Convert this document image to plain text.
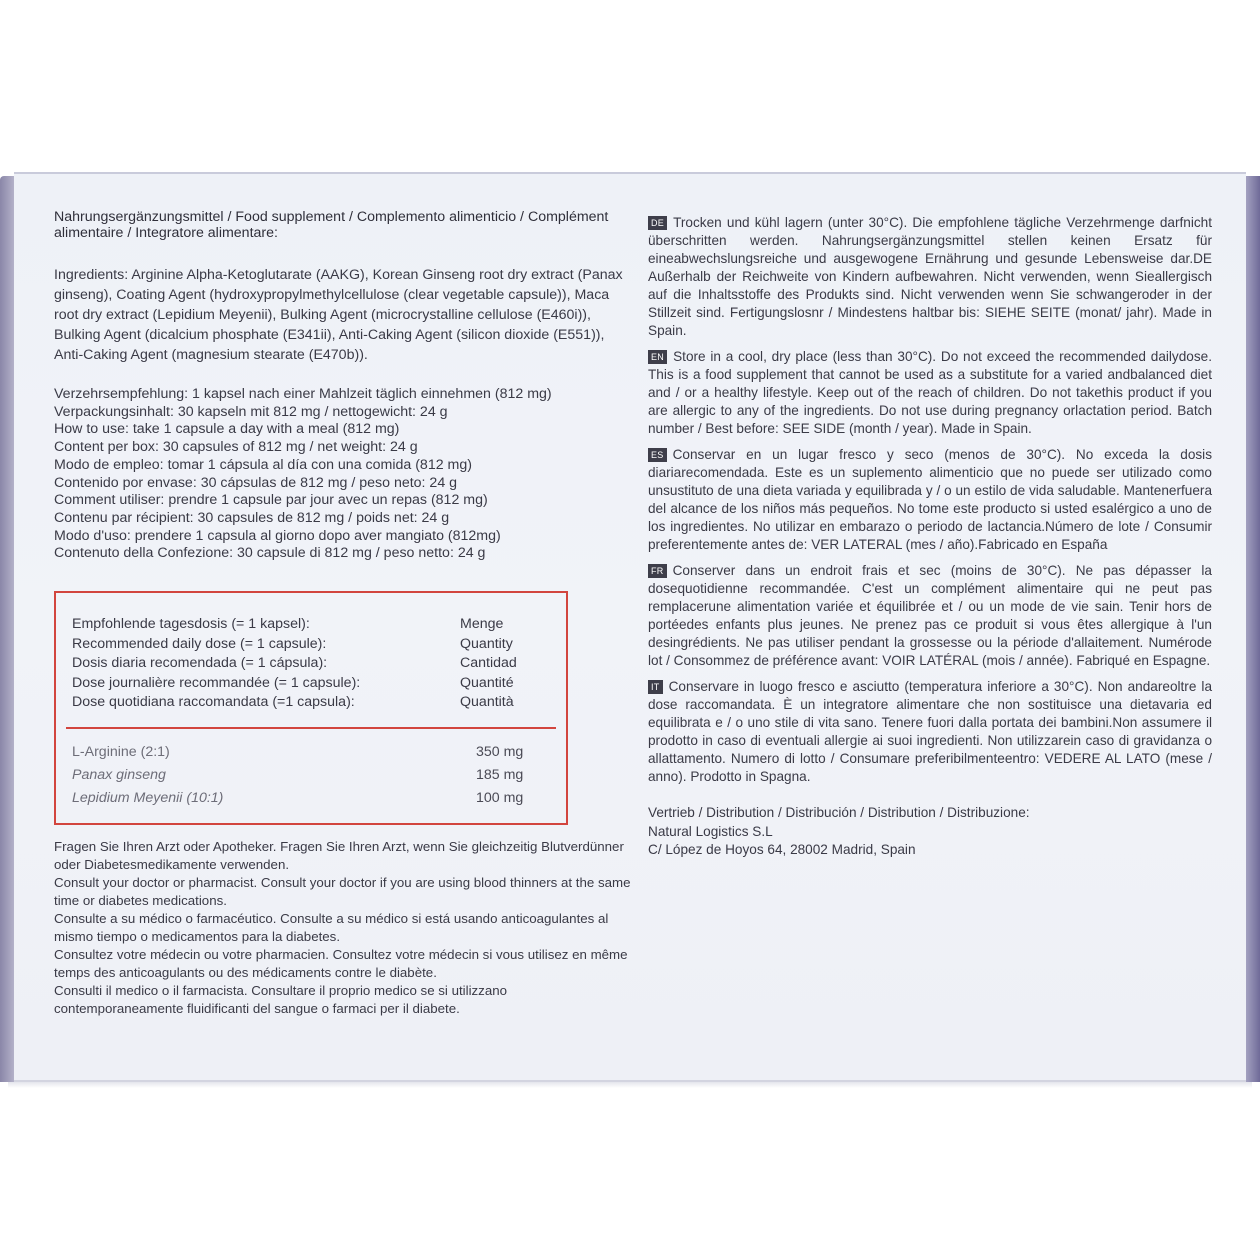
Nahrungsergänzungsmittel / Food supplement / Complemento alimenticio / Complément alimentaire / Integratore alimentare:

Ingredients: Arginine Alpha-Ketoglutarate (AAKG), Korean Ginseng root dry extract (Panax ginseng), Coating Agent (hydroxypropylmethylcellulose (clear vegetable capsule)), Maca root dry extract (Lepidium Meyenii), Bulking Agent (microcrystalline cellulose (E460i)), Bulking Agent (dicalcium phosphate (E341ii), Anti-Caking Agent (silicon dioxide (E551)), Anti-Caking Agent (magnesium stearate (E470b)).

Verzehrsempfehlung: 1 kapsel nach einer Mahlzeit täglich einnehmen (812 mg)

Verpackungsinhalt: 30 kapseln mit 812 mg / nettogewicht: 24 g

How to use: take 1 capsule a day with a meal (812 mg)

Content per box: 30 capsules of 812 mg / net weight: 24 g

Modo de empleo: tomar 1 cápsula al día con una comida (812 mg)

Contenido por envase: 30 cápsulas de 812 mg / peso neto: 24 g

Comment utiliser: prendre 1 capsule par jour avec un repas (812 mg)

Contenu par récipient: 30 capsules de 812 mg / poids net: 24 g

Modo d'uso: prendere 1 capsula al giorno dopo aver mangiato (812mg)

Contenuto della Confezione: 30 capsule di 812 mg / peso netto: 24 g

Empfohlende tagesdosis (= 1 kapsel):	Menge
Recommended daily dose (= 1 capsule):	Quantity
Dosis diaria recomendada (= 1 cápsula):	Cantidad
Dose journalière recommandée (= 1 capsule):	Quantité
Dose quotidiana raccomandata (=1 capsula):	Quantità
L-Arginine (2:1)	350 mg
Panax ginseng	185 mg
Lepidium Meyenii (10:1)	100 mg

Fragen Sie Ihren Arzt oder Apotheker. Fragen Sie Ihren Arzt, wenn Sie gleichzeitig Blutverdünner oder Diabetesmedikamente verwenden.

Consult your doctor or pharmacist. Consult your doctor if you are using blood thinners at the same time or diabetes medications.

Consulte a su médico o farmacéutico. Consulte a su médico si está usando anticoagulantes al mismo tiempo o medicamentos para la diabetes.

Consultez votre médecin ou votre pharmacien. Consultez votre médecin si vous utilisez en même temps des anticoagulants ou des médicaments contre le diabète.

Consulti il medico o il farmacista. Consultare il proprio medico se si utilizzano contemporaneamente fluidificanti del sangue o farmaci per il diabete.

DE Trocken und kühl lagern (unter 30°C). Die empfohlene tägliche Verzehrmenge darfnicht überschritten werden. Nahrungsergänzungsmittel stellen keinen Ersatz für eineabwechslungsreiche und ausgewogene Ernährung und gesunde Lebensweise dar.DE Außerhalb der Reichweite von Kindern aufbewahren. Nicht verwenden, wenn Sieallergisch auf die Inhaltsstoffe des Produkts sind. Nicht verwenden wenn Sie schwangeroder in der Stillzeit sind. Fertigungslosnr / Mindestens haltbar bis: SIEHE SEITE (monat/ jahr). Made in Spain.

EN Store in a cool, dry place (less than 30°C). Do not exceed the recommended dailydose. This is a food supplement that cannot be used as a substitute for a varied andbalanced diet and / or a healthy lifestyle. Keep out of the reach of children. Do not takethis product if you are allergic to any of the ingredients. Do not use during pregnancy orlactation period. Batch number / Best before: SEE SIDE (month / year). Made in Spain.

ES Conservar en un lugar fresco y seco (menos de 30°C). No exceda la dosis diariarecomendada. Este es un suplemento alimenticio que no puede ser utilizado como unsustituto de una dieta variada y equilibrada y / o un estilo de vida saludable. Mantenerfuera del alcance de los niños más pequeños. No tome este producto si usted esalérgico a uno de los ingredientes. No utilizar en embarazo o periodo de lactancia.Número de lote / Consumir preferentemente antes de: VER LATERAL (mes / año).Fabricado en España

FR Conserver dans un endroit frais et sec (moins de 30°C). Ne pas dépasser la dosequotidienne recommandée. C'est un complément alimentaire qui ne peut pas remplacerune alimentation variée et équilibrée et / ou un mode de vie sain. Tenir hors de portéedes enfants plus jeunes. Ne prenez pas ce produit si vous êtes allergique à l'un desingrédients. Ne pas utiliser pendant la grossesse ou la période d'allaitement. Numérode lot / Consommez de préférence avant: VOIR LATÉRAL (mois / année). Fabriqué en Espagne.

IT Conservare in luogo fresco e asciutto (temperatura inferiore a 30°C). Non andareoltre la dose raccomandata. È un integratore alimentare che non sostituisce una dietavaria ed equilibrata e / o uno stile di vita sano. Tenere fuori dalla portata dei bambini.Non assumere il prodotto in caso di eventuali allergie ai suoi ingredienti. Non utilizzarein caso di gravidanza o allattamento. Numero di lotto / Consumare preferibilmenteentro: VEDERE AL LATO (mese / anno). Prodotto in Spagna.

Vertrieb / Distribution / Distribución / Distribution / Distribuzione:

Natural Logistics S.L

C/ López de Hoyos 64, 28002 Madrid, Spain
